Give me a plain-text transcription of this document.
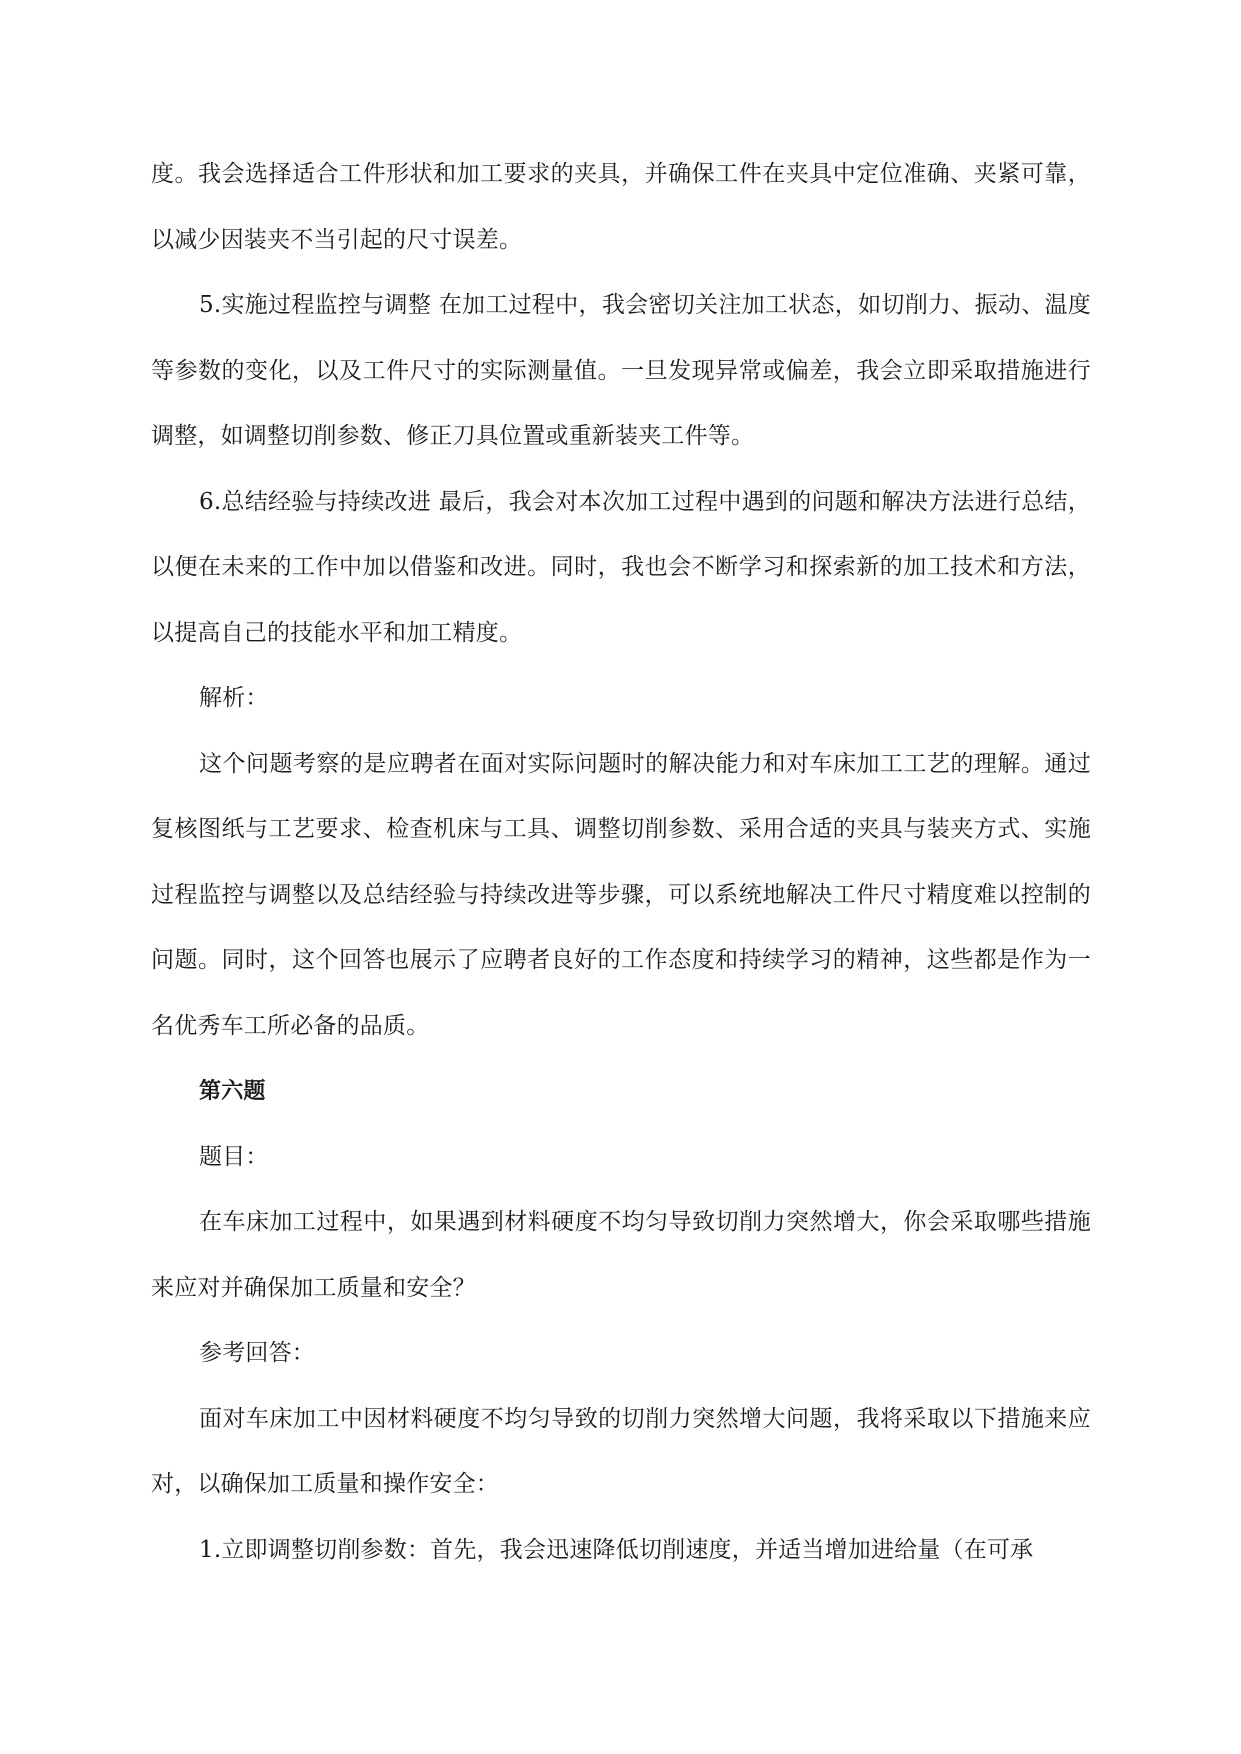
度。我会选择适合工件形状和加工要求的夹具，并确保工件在夹具中定位准确、夹紧可靠，以减少因装夹不当引起的尺寸误差。

5.实施过程监控与调整 在加工过程中，我会密切关注加工状态，如切削力、振动、温度等参数的变化，以及工件尺寸的实际测量值。一旦发现异常或偏差，我会立即采取措施进行调整，如调整切削参数、修正刀具位置或重新装夹工件等。

6.总结经验与持续改进 最后，我会对本次加工过程中遇到的问题和解决方法进行总结，以便在未来的工作中加以借鉴和改进。同时，我也会不断学习和探索新的加工技术和方法，以提高自己的技能水平和加工精度。

解析：

这个问题考察的是应聘者在面对实际问题时的解决能力和对车床加工工艺的理解。通过复核图纸与工艺要求、检查机床与工具、调整切削参数、采用合适的夹具与装夹方式、实施过程监控与调整以及总结经验与持续改进等步骤，可以系统地解决工件尺寸精度难以控制的问题。同时，这个回答也展示了应聘者良好的工作态度和持续学习的精神，这些都是作为一名优秀车工所必备的品质。

第六题

题目：

在车床加工过程中，如果遇到材料硬度不均匀导致切削力突然增大，你会采取哪些措施来应对并确保加工质量和安全？

参考回答：

面对车床加工中因材料硬度不均匀导致的切削力突然增大问题，我将采取以下措施来应对，以确保加工质量和操作安全：

1.立即调整切削参数：首先，我会迅速降低切削速度，并适当增加进给量（在可承
